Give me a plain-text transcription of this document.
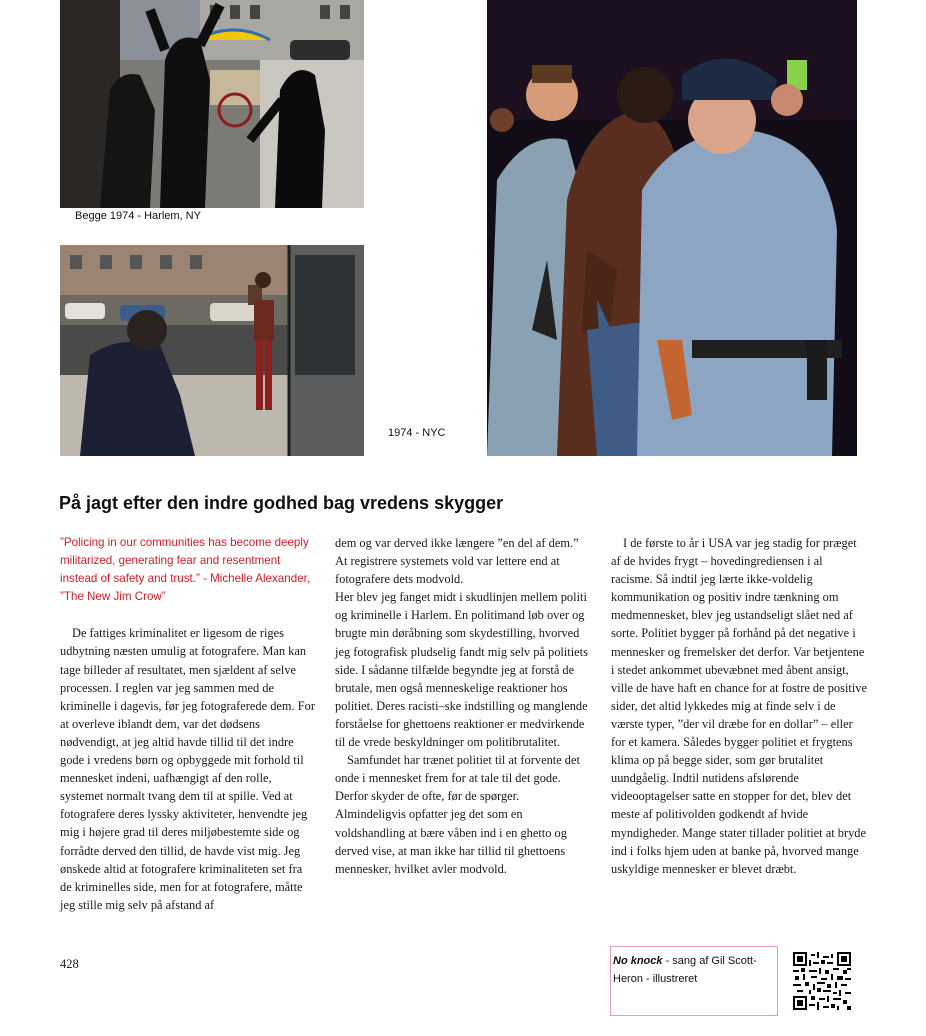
Begge 1974 - Harlem, NY
1974 - NYC
På jagt efter den indre godhed bag vredens skygger

”Policing in our communities has become deeply militarized, generating fear and resentment instead of safety and trust.” - Michelle Alexander, ”The New Jim Crow”

De fattiges kriminalitet er ligesom de riges udbytning næsten umulig at fotografere. Man kan tage billeder af resultatet, men sjældent af selve processen. I reglen var jeg sammen med de kriminelle i dagevis, før jeg fotograferede dem. For at overleve iblandt dem, var det dødsens nødvendigt, at jeg altid havde tillid til det indre gode i vredens børn og opbyggede mit forhold til mennesket indeni, uafhængigt af den rolle, systemet normalt tvang dem til at spille. Ved at fotografere deres lyssky aktiviteter, henvendte jeg mig i højere grad til deres miljøbestemte side og forrådte derved den tillid, de havde vist mig. Jeg ønskede altid at fotografere kriminaliteten set fra de kriminelles side, men for at fotografere, måtte jeg stille mig selv på afstand af

dem og var derved ikke længere ”en del af dem.” At registrere systemets vold var lettere end at fotografere dets modvold.

Her blev jeg fanget midt i skudlinjen mellem politi og kriminelle i Harlem. En politimand løb over og brugte min døråbning som skydestilling, hvorved jeg fotografisk pludselig fandt mig selv på politiets side. I sådanne tilfælde begyndte jeg at forstå de brutale, men også menneskelige reaktioner hos politiet. Deres racisti–ske indstilling og manglende forståelse for ghettoens reaktioner er medvirkende til de vrede beskyldninger om politibrutalitet.

Samfundet har trænet politiet til at forvente det onde i mennesket frem for at tale til det gode. Derfor skyder de ofte, før de spørger. Almindeligvis opfatter jeg det som en voldshandling at bære våben ind i en ghetto og derved vise, at man ikke har tillid til ghettoens mennesker, hvilket avler modvold.

I de første to år i USA var jeg stadig for præget af de hvides frygt – hovedingrediensen i al racisme. Så indtil jeg lærte ikke-voldelig kommunikation og positiv indre tænkning om medmennesket, blev jeg ustandseligt slået ned af sorte. Politiet bygger på forhånd på det negative i mennesker og fremelsker det derfor. Var betjentene i stedet ankommet ubevæbnet med åbent ansigt, ville de have haft en chance for at fostre de positive sider, det altid lykkedes mig at finde selv i de værste typer, ”der vil dræbe for en dollar” – eller for et kamera. Således bygger politiet et frygtens klima op på begge sider, som gør brutalitet uundgåelig. Indtil nutidens afslørende videooptagelser satte en stopper for det, blev det meste af politivolden godkendt af hvide myndigheder. Mange stater tillader politiet at bryde ind i folks hjem uden at banke på, hvorved mange uskyldige mennesker er blevet dræbt.

428	No knock - sang af Gil Scott-Heron - illustreret
